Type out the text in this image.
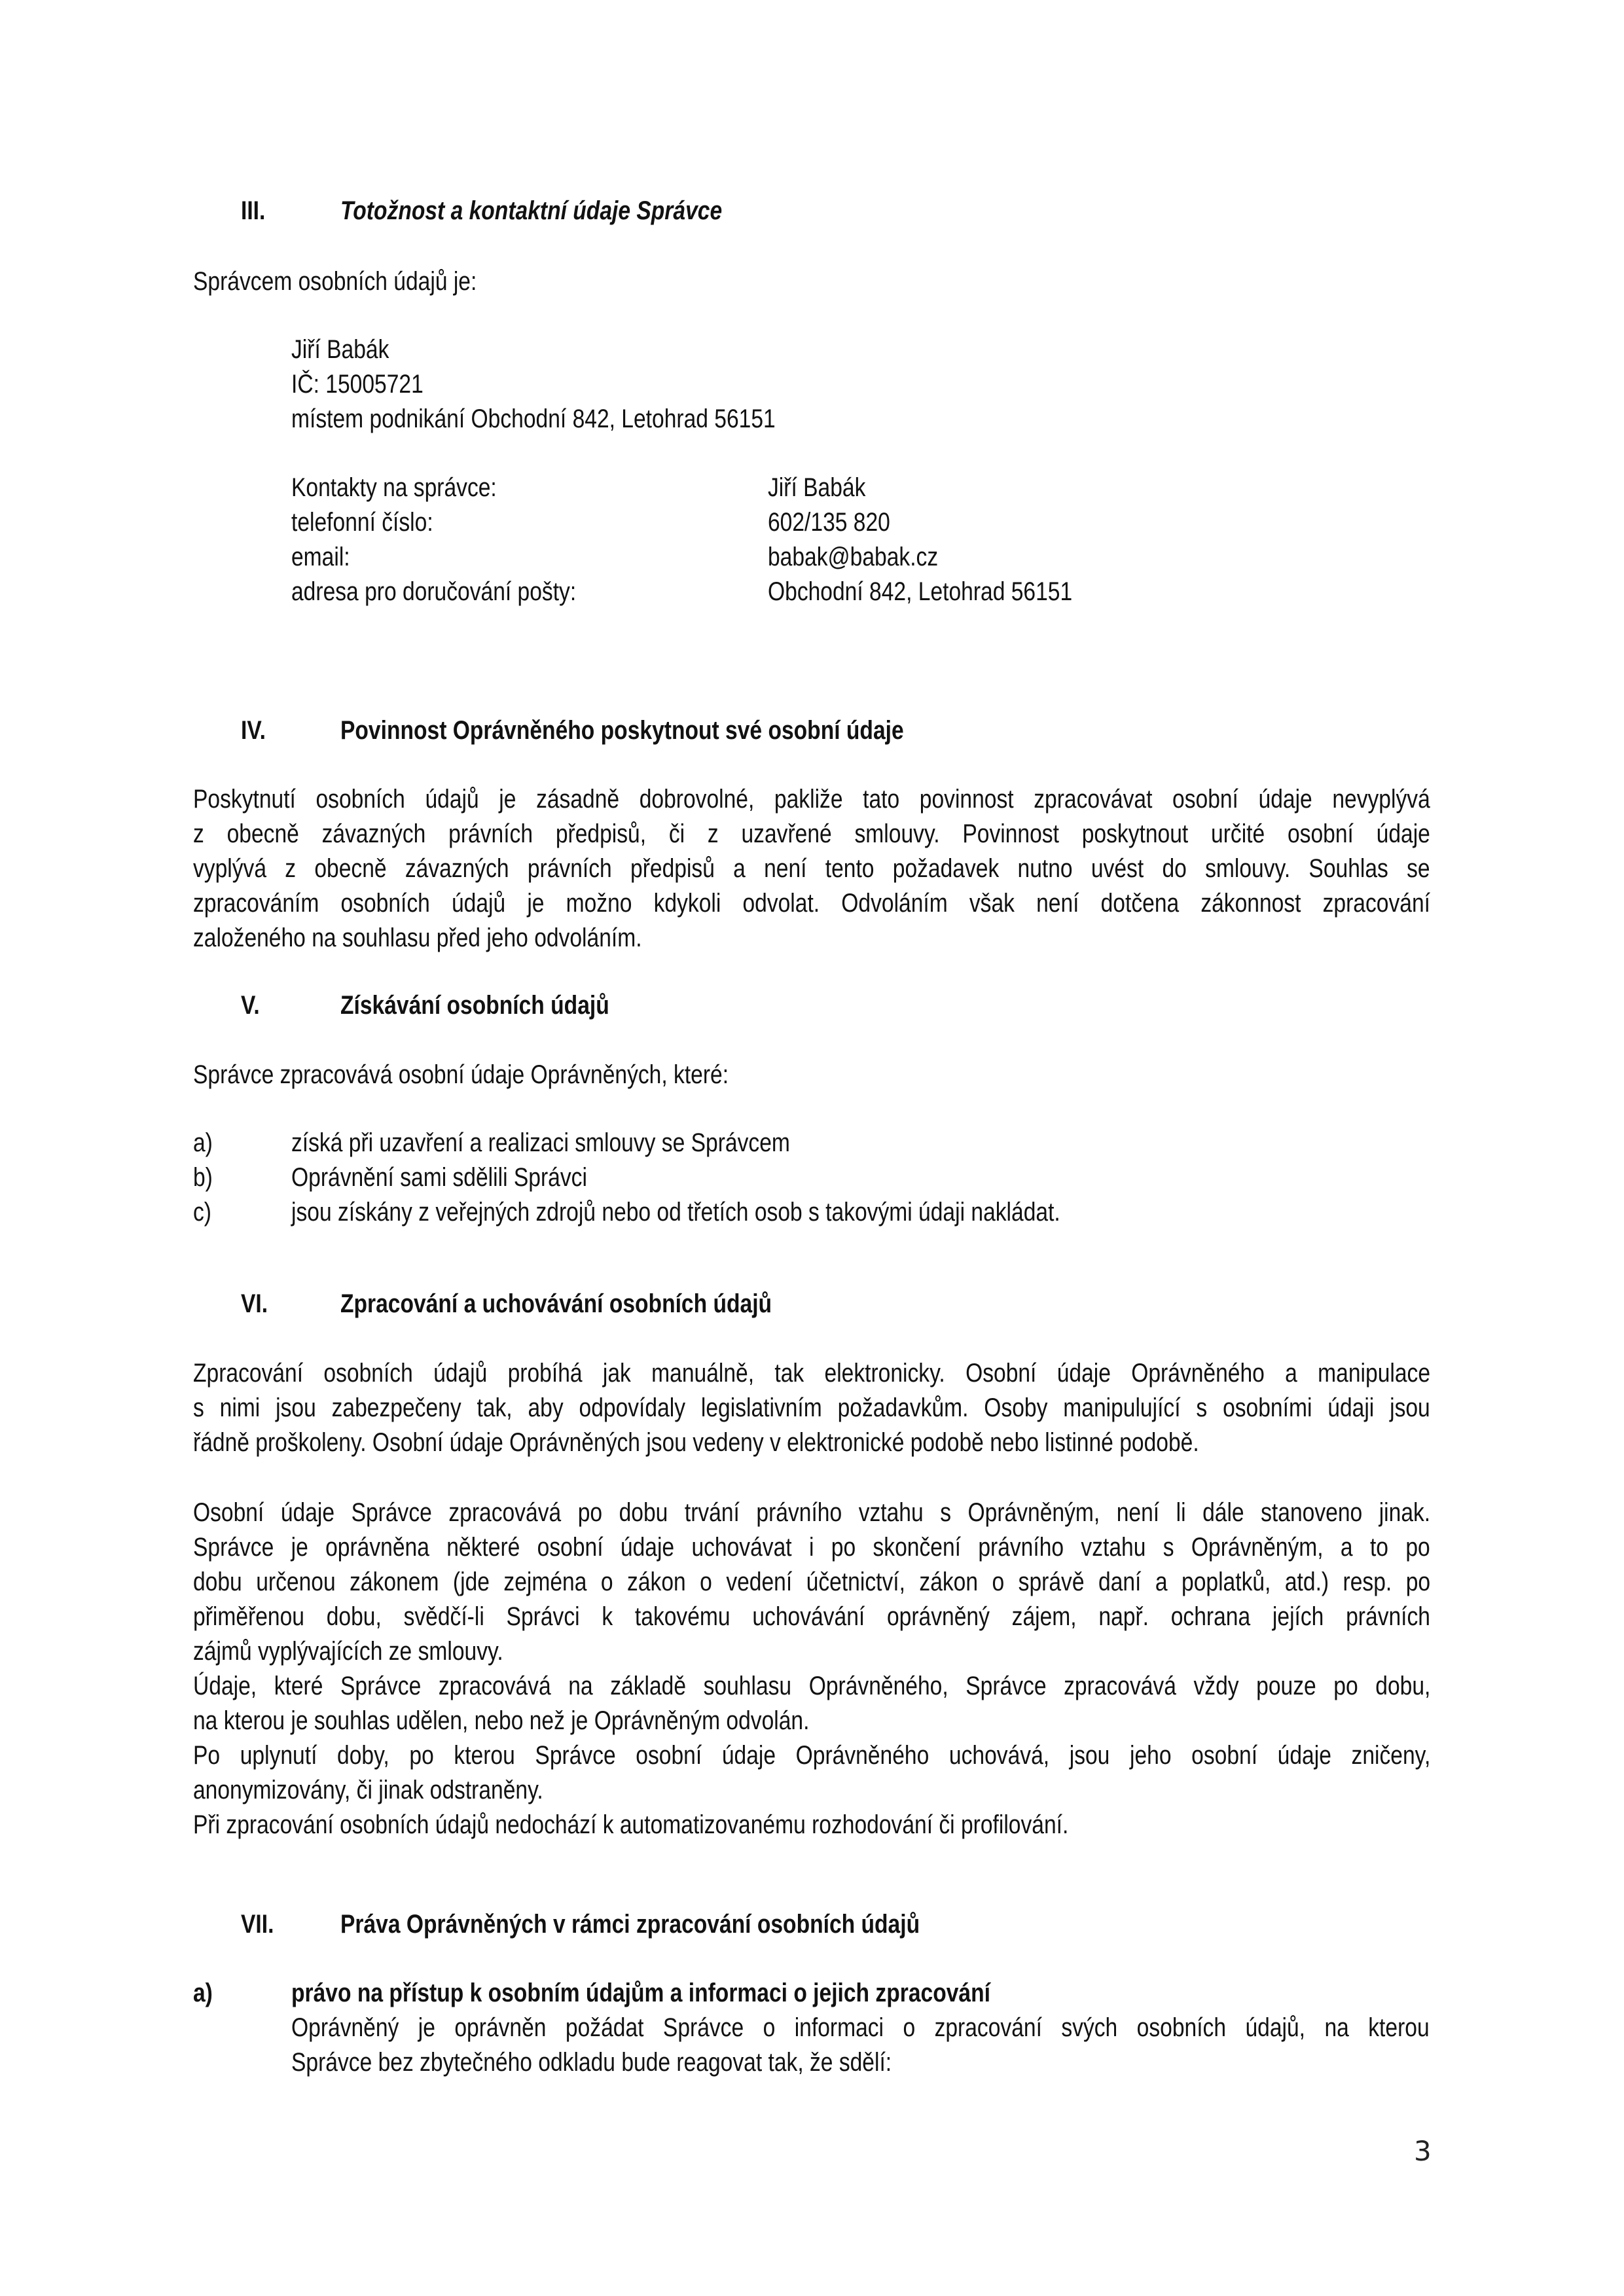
III.	Totožnost a kontaktní údaje Správce
Správcem osobních údajů je:
Jiří Babák
IČ: 15005721
místem podnikání Obchodní 842, Letohrad 56151
Kontakty na správce:	Jiří Babák
telefonní číslo:	602/135 820
email:	babak@babak.cz
adresa pro doručování pošty:	Obchodní 842, Letohrad 56151
IV.	Povinnost Oprávněného poskytnout své osobní údaje
Poskytnutí osobních údajů je zásadně dobrovolné, pakliže tato povinnost zpracovávat osobní údaje nevyplývá
z obecně závazných právních předpisů, či z uzavřené smlouvy. Povinnost poskytnout určité osobní údaje
vyplývá z obecně závazných právních předpisů a není tento požadavek nutno uvést do smlouvy. Souhlas se
zpracováním osobních údajů je možno kdykoli odvolat. Odvoláním však není dotčena zákonnost zpracování
založeného na souhlasu před jeho odvoláním.
V.	Získávání osobních údajů
Správce zpracovává osobní údaje Oprávněných, které:
a)	získá při uzavření a realizaci smlouvy se Správcem
b)	Oprávnění sami sdělili Správci
c)	jsou získány z veřejných zdrojů nebo od třetích osob s takovými údaji nakládat.
VI.	Zpracování a uchovávání osobních údajů
Zpracování osobních údajů probíhá jak manuálně, tak elektronicky. Osobní údaje Oprávněného a manipulace
s nimi jsou zabezpečeny tak, aby odpovídaly legislativním požadavkům. Osoby manipulující s osobními údaji jsou
řádně proškoleny. Osobní údaje Oprávněných jsou vedeny v elektronické podobě nebo listinné podobě.
Osobní údaje Správce zpracovává po dobu trvání právního vztahu s Oprávněným, není li dále stanoveno jinak.
Správce je oprávněna některé osobní údaje uchovávat i po skončení právního vztahu s Oprávněným, a to po
dobu určenou zákonem (jde zejména o zákon o vedení účetnictví, zákon o správě daní a poplatků, atd.) resp. po
přiměřenou dobu, svědčí-li Správci k takovému uchovávání oprávněný zájem, např. ochrana jejích právních
zájmů vyplývajících ze smlouvy.
Údaje, které Správce zpracovává na základě souhlasu Oprávněného, Správce zpracovává vždy pouze po dobu,
na kterou je souhlas udělen, nebo než je Oprávněným odvolán.
Po uplynutí doby, po kterou Správce osobní údaje Oprávněného uchovává, jsou jeho osobní údaje zničeny,
anonymizovány, či jinak odstraněny.
Při zpracování osobních údajů nedochází k automatizovanému rozhodování či profilování.
VII.	Práva Oprávněných v rámci zpracování osobních údajů
a)	právo na přístup k osobním údajům a informaci o jejich zpracování
Oprávněný je oprávněn požádat Správce o informaci o zpracování svých osobních údajů, na kterou
Správce bez zbytečného odkladu bude reagovat tak, že sdělí:
3
